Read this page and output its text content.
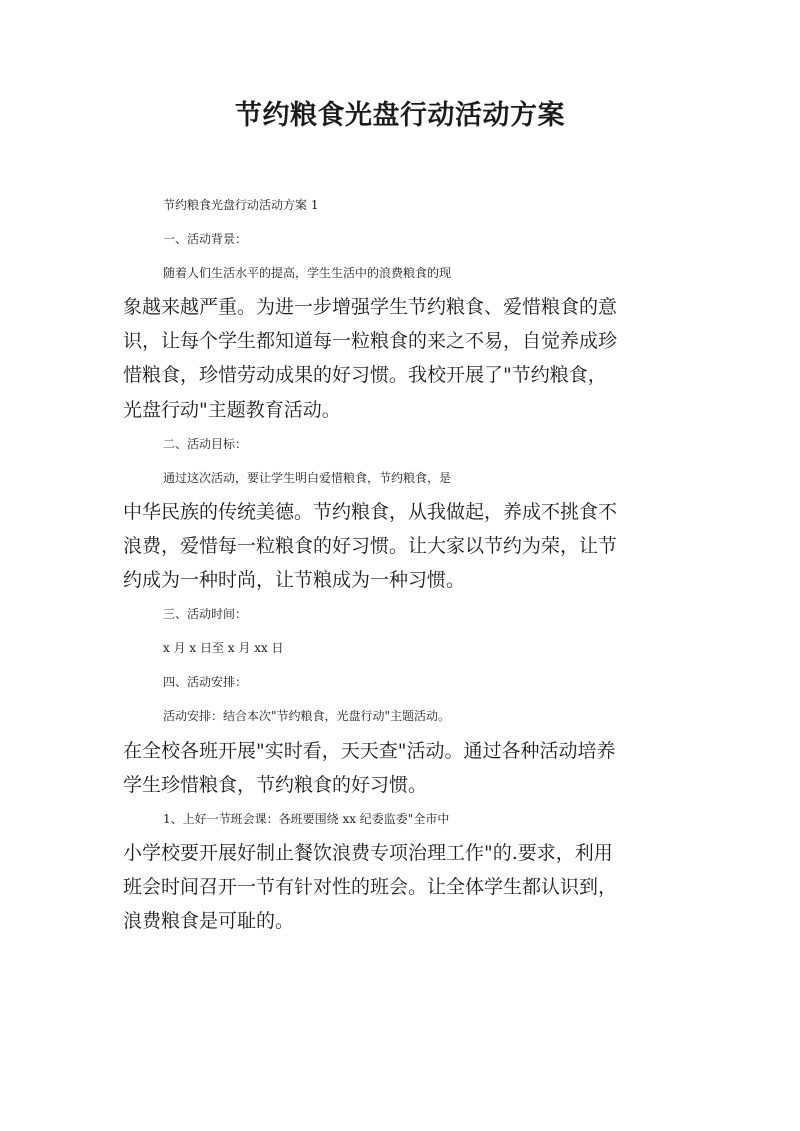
节约粮食光盘行动活动方案

节约粮食光盘行动活动方案 1

一、活动背景：

随着人们生活水平的提高，学生生活中的浪费粮食的现

象越来越严重。为进一步增强学生节约粮食、爱惜粮食的意

识，让每个学生都知道每一粒粮食的来之不易，自觉养成珍

惜粮食，珍惜劳动成果的好习惯。我校开展了"节约粮食，

光盘行动"主题教育活动。

二、活动目标：

通过这次活动，要让学生明白爱惜粮食，节约粮食，是

中华民族的传统美德。节约粮食，从我做起，养成不挑食不

浪费，爱惜每一粒粮食的好习惯。让大家以节约为荣，让节

约成为一种时尚，让节粮成为一种习惯。

三、活动时间：

x 月 x 日至 x 月 xx 日

四、活动安排：

活动安排：结合本次"节约粮食，光盘行动"主题活动。

在全校各班开展"实时看，天天查"活动。通过各种活动培养

学生珍惜粮食，节约粮食的好习惯。

1、上好一节班会课：各班要围绕 xx 纪委监委"全市中

小学校要开展好制止餐饮浪费专项治理工作"的.要求，利用

班会时间召开一节有针对性的班会。让全体学生都认识到，

浪费粮食是可耻的。
